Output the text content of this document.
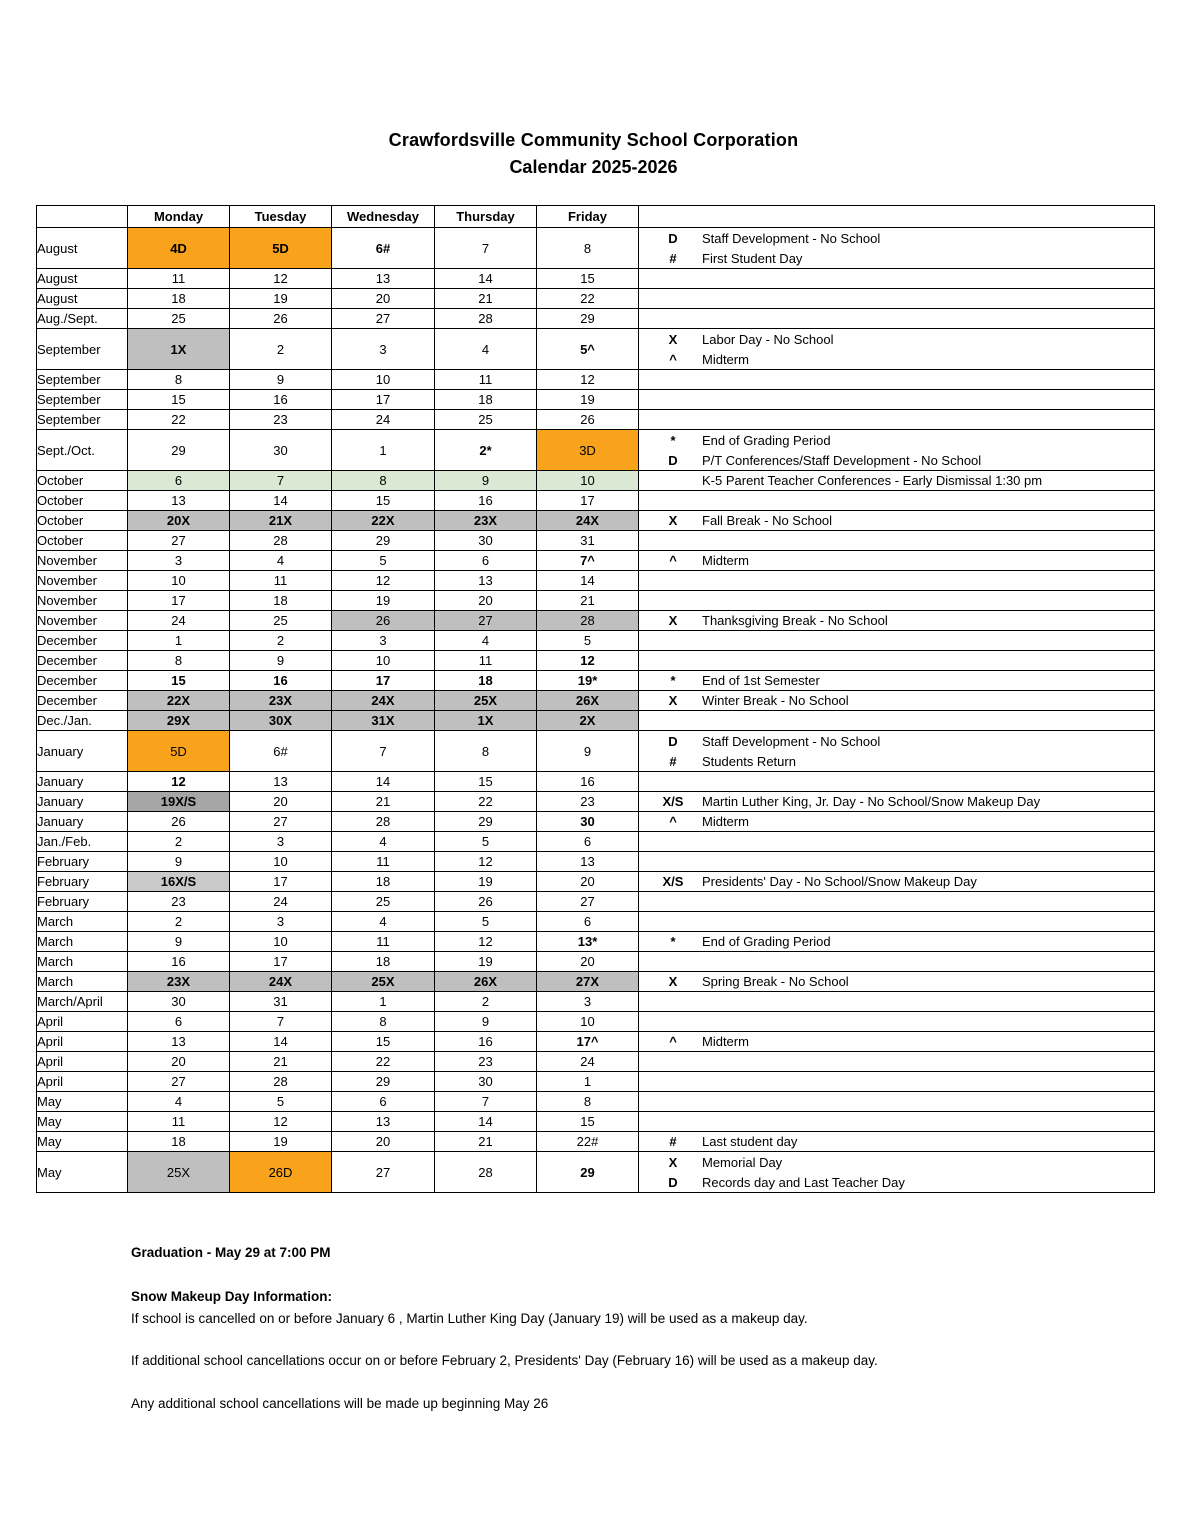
Crawfordsville Community School Corporation

Calendar 2025-2026

	Monday	Tuesday	Wednesday	Thursday	Friday	
August	4D	5D	6#	7	8	D Staff Development - No School
# First Student Day

August	11	12	13	14	15	
August	18	19	20	21	22	
Aug./Sept.	25	26	27	28	29	
September	1X	2	3	4	5^	X Labor Day - No School
^ Midterm

September	8	9	10	11	12	
September	15	16	17	18	19	
September	22	23	24	25	26	
Sept./Oct.	29	30	1	2*	3D	* End of Grading Period
D P/T Conferences/Staff Development - No School

October	6	7	8	9	10	K-5 Parent Teacher Conferences - Early Dismissal 1:30 pm

October	13	14	15	16	17	
October	20X	21X	22X	23X	24X	X Fall Break - No School

October	27	28	29	30	31	
November	3	4	5	6	7^	^ Midterm

November	10	11	12	13	14	
November	17	18	19	20	21	
November	24	25	26	27	28	X Thanksgiving Break - No School

December	1	2	3	4	5	
December	8	9	10	11	12	
December	15	16	17	18	19*	* End of 1st Semester

December	22X	23X	24X	25X	26X	X Winter Break - No School

Dec./Jan.	29X	30X	31X	1X	2X	
January	5D	6#	7	8	9	D Staff Development - No School
# Students Return

January	12	13	14	15	16	
January	19X/S	20	21	22	23	X/S Martin Luther King, Jr. Day - No School/Snow Makeup Day

January	26	27	28	29	30	^ Midterm

Jan./Feb.	2	3	4	5	6	
February	9	10	11	12	13	
February	16X/S	17	18	19	20	X/S Presidents' Day - No School/Snow Makeup Day

February	23	24	25	26	27	
March	2	3	4	5	6	
March	9	10	11	12	13*	* End of Grading Period

March	16	17	18	19	20	
March	23X	24X	25X	26X	27X	X Spring Break - No School

March/April	30	31	1	2	3	
April	6	7	8	9	10	
April	13	14	15	16	17^	^ Midterm

April	20	21	22	23	24	
April	27	28	29	30	1	
May	4	5	6	7	8	
May	11	12	13	14	15	
May	18	19	20	21	22#	# Last student day

May	25X	26D	27	28	29	X Memorial Day
D Records day and Last Teacher Day

Graduation - May 29 at 7:00 PM

Snow Makeup Day Information:

If school is cancelled on or before January 6 , Martin Luther King Day (January 19) will be used as a makeup day.

If additional school cancellations occur on or before February 2, Presidents' Day (February 16) will be used as a makeup day.

Any additional school cancellations will be made up beginning May 26
